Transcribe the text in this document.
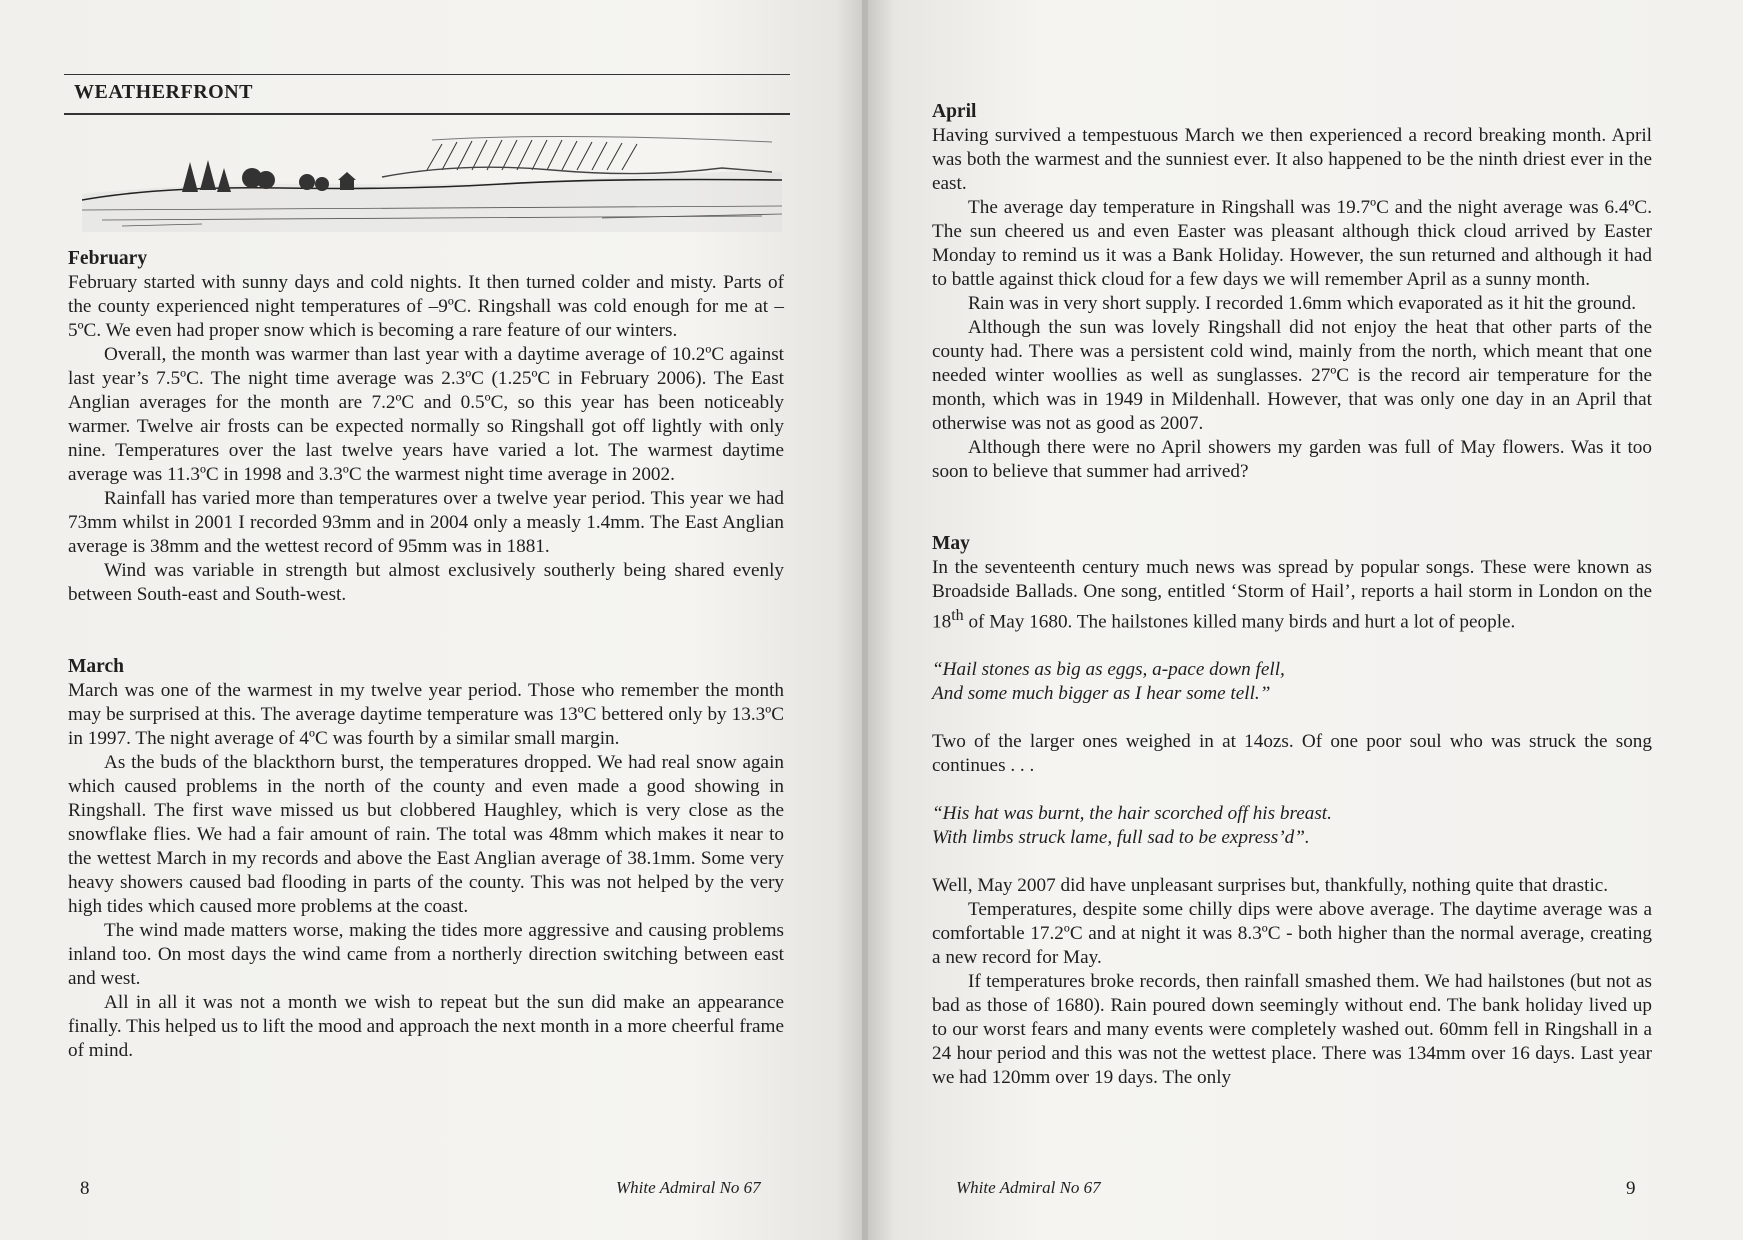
WEATHERFRONT
February

February started with sunny days and cold nights. It then turned colder and misty. Parts of the county experienced night temperatures of –9ºC. Ringshall was cold enough for me at –5ºC. We even had proper snow which is becoming a rare feature of our winters.

Overall, the month was warmer than last year with a daytime average of 10.2ºC against last year’s 7.5ºC. The night time average was 2.3ºC (1.25ºC in February 2006). The East Anglian averages for the month are 7.2ºC and 0.5ºC, so this year has been noticeably warmer. Twelve air frosts can be expected normally so Ringshall got off lightly with only nine. Temperatures over the last twelve years have varied a lot. The warmest daytime average was 11.3ºC in 1998 and 3.3ºC the warmest night time average in 2002.

Rainfall has varied more than temperatures over a twelve year period. This year we had 73mm whilst in 2001 I recorded 93mm and in 2004 only a measly 1.4mm. The East Anglian average is 38mm and the wettest record of 95mm was in 1881.

Wind was variable in strength but almost exclusively southerly being shared evenly between South-east and South-west.

March

March was one of the warmest in my twelve year period. Those who remember the month may be surprised at this. The average daytime temperature was 13ºC bettered only by 13.3ºC in 1997. The night average of 4ºC was fourth by a similar small margin.

As the buds of the blackthorn burst, the temperatures dropped. We had real snow again which caused problems in the north of the county and even made a good showing in Ringshall. The first wave missed us but clobbered Haughley, which is very close as the snowflake flies. We had a fair amount of rain. The total was 48mm which makes it near to the wettest March in my records and above the East Anglian average of 38.1mm. Some very heavy showers caused bad flooding in parts of the county. This was not helped by the very high tides which caused more problems at the coast.

The wind made matters worse, making the tides more aggressive and causing problems inland too. On most days the wind came from a northerly direction switching between east and west.

All in all it was not a month we wish to repeat but the sun did make an appearance finally. This helped us to lift the mood and approach the next month in a more cheerful frame of mind.

8	White Admiral No 67
April

Having survived a tempestuous March we then experienced a record breaking month. April was both the warmest and the sunniest ever. It also happened to be the ninth driest ever in the east.

The average day temperature in Ringshall was 19.7ºC and the night average was 6.4ºC. The sun cheered us and even Easter was pleasant although thick cloud arrived by Easter Monday to remind us it was a Bank Holiday. However, the sun returned and although it had to battle against thick cloud for a few days we will remember April as a sunny month.

Rain was in very short supply. I recorded 1.6mm which evaporated as it hit the ground.

Although the sun was lovely Ringshall did not enjoy the heat that other parts of the county had. There was a persistent cold wind, mainly from the north, which meant that one needed winter woollies as well as sunglasses. 27ºC is the record air temperature for the month, which was in 1949 in Mildenhall. However, that was only one day in an April that otherwise was not as good as 2007.

Although there were no April showers my garden was full of May flowers. Was it too soon to believe that summer had arrived?

May

In the seventeenth century much news was spread by popular songs. These were known as Broadside Ballads. One song, entitled ‘Storm of Hail’, reports a hail storm in London on the 18th of May 1680. The hailstones killed many birds and hurt a lot of people.

“Hail stones as big as eggs, a-pace down fell,

And some much bigger as I hear some tell.”

Two of the larger ones weighed in at 14ozs. Of one poor soul who was struck the song continues . . .

“His hat was burnt, the hair scorched off his breast.

With limbs struck lame, full sad to be express’d”.

Well, May 2007 did have unpleasant surprises but, thankfully, nothing quite that drastic.

Temperatures, despite some chilly dips were above average. The daytime average was a comfortable 17.2ºC and at night it was 8.3ºC - both higher than the normal average, creating a new record for May.

If temperatures broke records, then rainfall smashed them. We had hailstones (but not as bad as those of 1680). Rain poured down seemingly without end. The bank holiday lived up to our worst fears and many events were completely washed out. 60mm fell in Ringshall in a 24 hour period and this was not the wettest place. There was 134mm over 16 days. Last year we had 120mm over 19 days. The only

White Admiral No 67	9
